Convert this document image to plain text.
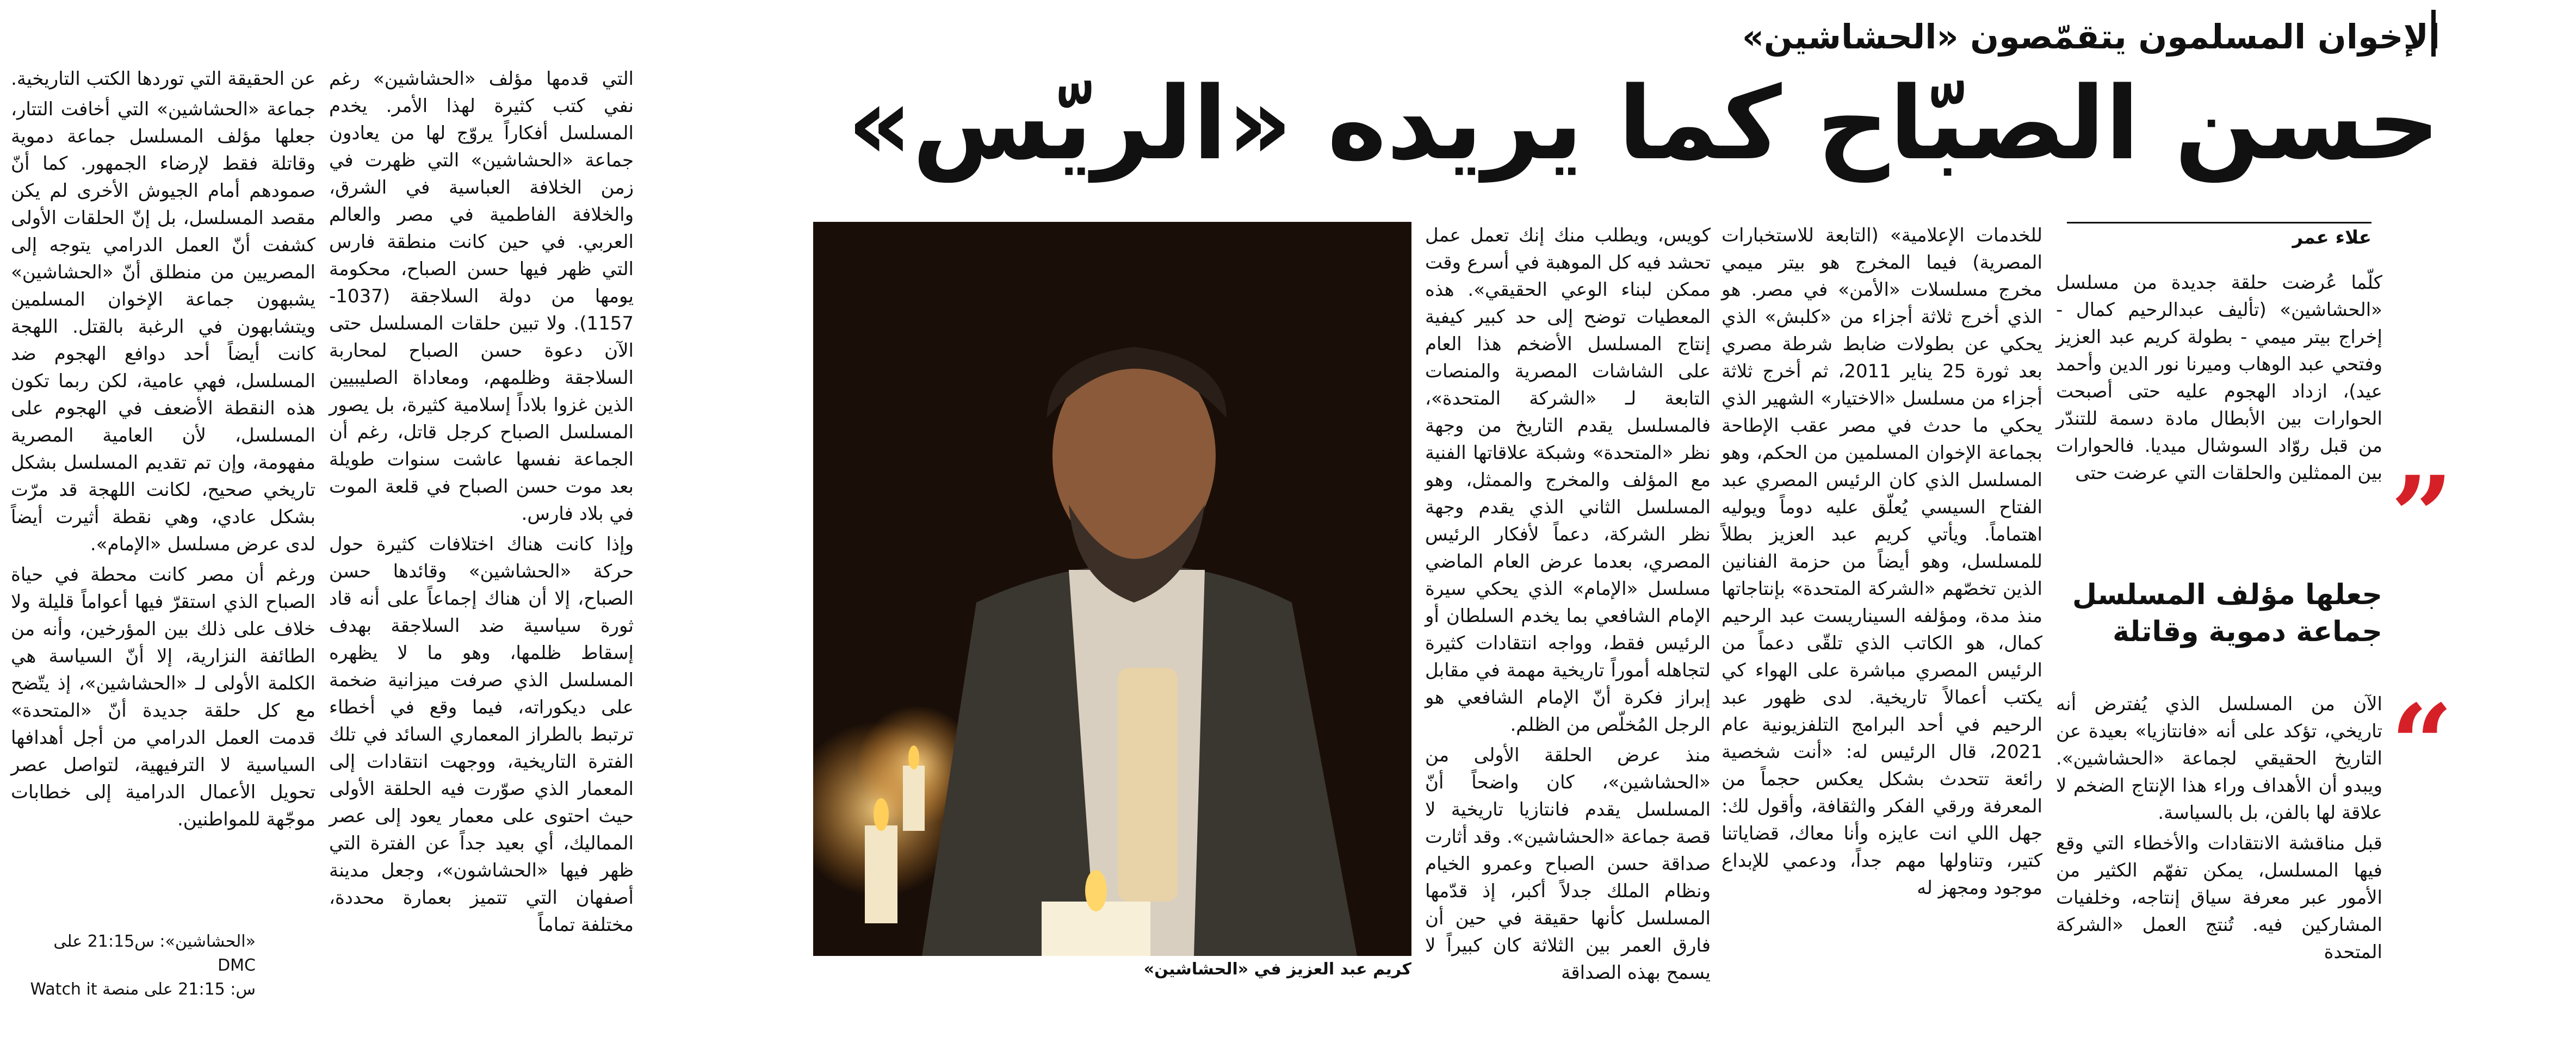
الإخوان المسلمون يتقمّصون «الحشاشين»
حسن الصبّاح كما يريده «الريّس»
علاء عمر

كلّما عُرضت حلقة جديدة من مسلسل «الحشاشين» (تأليف عبدالرحيم كمال - إخراج بيتر ميمي - بطولة كريم عبد العزيز وفتحي عبد الوهاب وميرنا نور الدين وأحمد عيد)، ازداد الهجوم عليه حتى أصبحت الحوارات بين الأبطال مادة دسمة للتندّر من قبل روّاد السوشال ميديا. فالحوارات بين الممثلين والحلقات التي عرضت حتى ”
جعلها مؤلف المسلسل جماعة دموية وقاتلة
“

الآن من المسلسل الذي يُفترض أنه تاريخي، تؤكد على أنه «فانتازيا» بعيدة عن التاريخ الحقيقي لجماعة «الحشاشين». ويبدو أن الأهداف وراء هذا الإنتاج الضخم لا علاقة لها بالفن، بل بالسياسة.

قبل مناقشة الانتقادات والأخطاء التي وقع فيها المسلسل، يمكن تفهّم الكثير من الأمور عبر معرفة سياق إنتاجه، وخلفيات المشاركين فيه. تُنتج العمل «الشركة المتحدة

للخدمات الإعلامية» (التابعة للاستخبارات المصرية) فيما المخرج هو بيتر ميمي مخرج مسلسلات «الأمن» في مصر. هو الذي أخرج ثلاثة أجزاء من «كلبش» الذي يحكي عن بطولات ضابط شرطة مصري بعد ثورة 25 يناير 2011، ثم أخرج ثلاثة أجزاء من مسلسل «الاختيار» الشهير الذي يحكي ما حدث في مصر عقب الإطاحة بجماعة الإخوان المسلمين من الحكم، وهو المسلسل الذي كان الرئيس المصري عبد الفتاح السيسي يُعلّق عليه دوماً ويوليه اهتماماً. ويأتي كريم عبد العزيز بطلاً للمسلسل، وهو أيضاً من حزمة الفنانين الذين تخصّهم «الشركة المتحدة» بإنتاجاتها منذ مدة، ومؤلفه السيناريست عبد الرحيم كمال، هو الكاتب الذي تلقّى دعماً من الرئيس المصري مباشرة على الهواء كي يكتب أعمالاً تاريخية. لدى ظهور عبد الرحيم في أحد البرامج التلفزيونية عام 2021، قال الرئيس له: «أنت شخصية رائعة تتحدث بشكل يعكس حجماً من المعرفة ورقي الفكر والثقافة، وأقول لك: جهل اللي انت عايزه وأنا معاك، قضاياتنا كتير، وتناولها مهم جداً، ودعمي للإبداع موجود ومجهز له

كويس، ويطلب منك إنك تعمل عمل تحشد فيه كل الموهبة في أسرع وقت ممكن لبناء الوعي الحقيقي». هذه المعطيات توضح إلى حد كبير كيفية إنتاج المسلسل الأضخم هذا العام على الشاشات المصرية والمنصات التابعة لـ «الشركة المتحدة»، فالمسلسل يقدم التاريخ من وجهة نظر «المتحدة» وشبكة علاقاتها الفنية مع المؤلف والمخرج والممثل، وهو المسلسل الثاني الذي يقدم وجهة نظر الشركة، دعماً لأفكار الرئيس المصري، بعدما عرض العام الماضي مسلسل «الإمام» الذي يحكي سيرة الإمام الشافعي بما يخدم السلطان أو الرئيس فقط، وواجه انتقادات كثيرة لتجاهله أموراً تاريخية مهمة في مقابل إبراز فكرة أنّ الإمام الشافعي هو الرجل المُخلّص من الظلم.

منذ عرض الحلقة الأولى من «الحشاشين»، كان واضحاً أنّ المسلسل يقدم فانتازيا تاريخية لا قصة جماعة «الحشاشين». وقد أثارت صداقة حسن الصباح وعمرو الخيام ونظام الملك جدلاً أكبر، إذ قدّمها المسلسل كأنها حقيقة في حين أن فارق العمر بين الثلاثة كان كبيراً لا يسمح بهذه الصداقة

كريم عبد العزيز في «الحشاشين»

التي قدمها مؤلف «الحشاشين» رغم نفي كتب كثيرة لهذا الأمر. يخدم المسلسل أفكاراً يروّج لها من يعادون جماعة «الحشاشين» التي ظهرت في زمن الخلافة العباسية في الشرق، والخلافة الفاطمية في مصر والعالم العربي. في حين كانت منطقة فارس التي ظهر فيها حسن الصباح، محكومة يومها من دولة السلاجقة (1037-1157). ولا تبين حلقات المسلسل حتى الآن دعوة حسن الصباح لمحاربة السلاجقة وظلمهم، ومعاداة الصليبيين الذين غزوا بلاداً إسلامية كثيرة، بل يصور المسلسل الصباح كرجل قاتل، رغم أن الجماعة نفسها عاشت سنوات طويلة بعد موت حسن الصباح في قلعة الموت في بلاد فارس.

وإذا كانت هناك اختلافات كثيرة حول حركة «الحشاشين» وقائدها حسن الصباح، إلا أن هناك إجماعاً على أنه قاد ثورة سياسية ضد السلاجقة بهدف إسقاط ظلمها، وهو ما لا يظهره المسلسل الذي صرفت ميزانية ضخمة على ديكوراته، فيما وقع في أخطاء ترتبط بالطراز المعماري السائد في تلك الفترة التاريخية، ووجهت انتقادات إلى المعمار الذي صوّرت فيه الحلقة الأولى حيث احتوى على معمار يعود إلى عصر المماليك، أي بعيد جداً عن الفترة التي ظهر فيها «الحشاشون»، وجعل مدينة أصفهان التي تتميز بعمارة محددة، مختلفة تماماً

عن الحقيقة التي توردها الكتب التاريخية.

جماعة «الحشاشين» التي أخافت التتار، جعلها مؤلف المسلسل جماعة دموية وقاتلة فقط لإرضاء الجمهور. كما أنّ صمودهم أمام الجيوش الأخرى لم يكن مقصد المسلسل، بل إنّ الحلقات الأولى كشفت أنّ العمل الدرامي يتوجه إلى المصريين من منطلق أنّ «الحشاشين» يشبهون جماعة الإخوان المسلمين ويتشابهون في الرغبة بالقتل. اللهجة كانت أيضاً أحد دوافع الهجوم ضد المسلسل، فهي عامية، لكن ربما تكون هذه النقطة الأضعف في الهجوم على المسلسل، لأن العامية المصرية مفهومة، وإن تم تقديم المسلسل بشكل تاريخي صحيح، لكانت اللهجة قد مرّت بشكل عادي، وهي نقطة أثيرت أيضاً لدى عرض مسلسل «الإمام».

ورغم أن مصر كانت محطة في حياة الصباح الذي استقرّ فيها أعواماً قليلة ولا خلاف على ذلك بين المؤرخين، وأنه من الطائفة النزارية، إلا أنّ السياسة هي الكلمة الأولى لـ «الحشاشين»، إذ يتّضح مع كل حلقة جديدة أنّ «المتحدة» قدمت العمل الدرامي من أجل أهدافها السياسية لا الترفيهية، لتواصل عصر تحويل الأعمال الدرامية إلى خطابات موجّهة للمواطنين.

«الحشاشين»: س21:15 على DMC
س: 21:15 على منصة Watch it
